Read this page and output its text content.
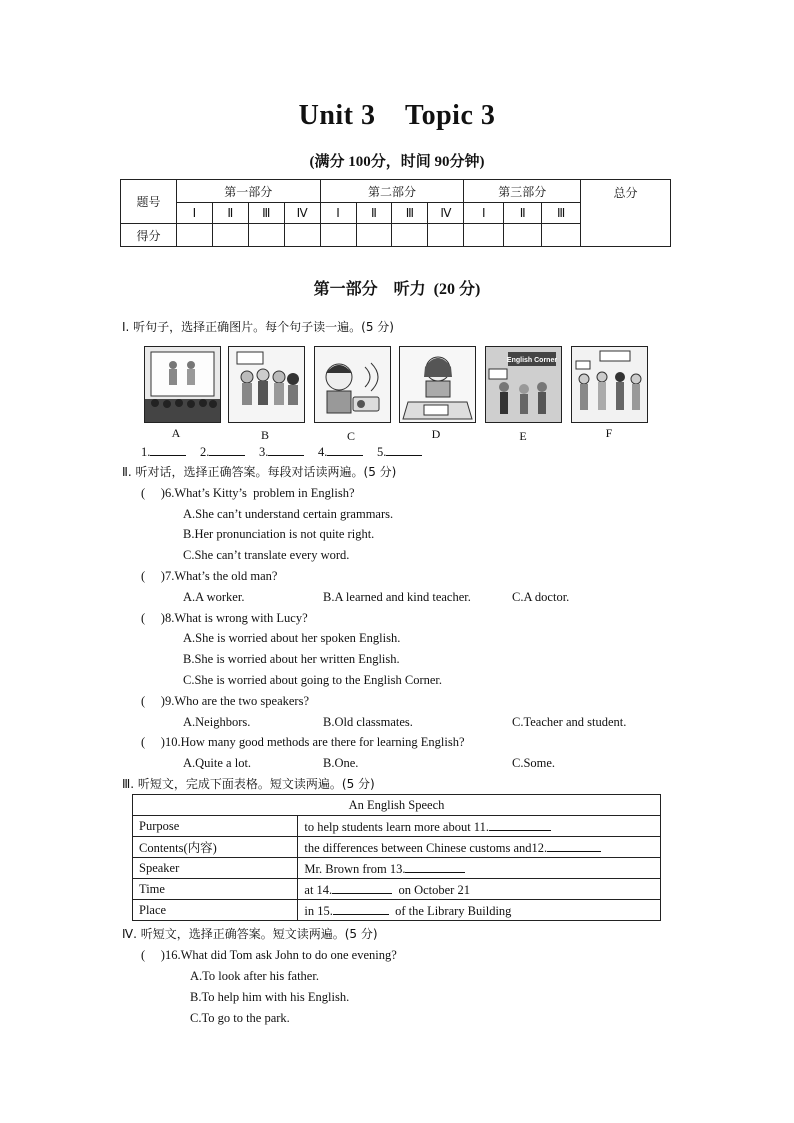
Unit 3    Topic 3
(满分 100分，时间 90分钟)
题号	第一部分				第二部分				第三部分			总分
	Ⅰ	Ⅱ	Ⅲ	Ⅳ	Ⅰ	Ⅱ	Ⅲ	Ⅳ	Ⅰ	Ⅱ	Ⅲ	
得分												
第一部分    听力  (20 分)
Ⅰ. 听句子，选择正确图片。每个句子读一遍。(5 分)
English Corner
A	B	C	D	E	F
1.	2.	3.	4.	5.
Ⅱ. 听对话，选择正确答案。每段对话读两遍。(5 分)
(     )6.What’s Kitty’s  problem in English?
A.She can’t understand certain grammars.
B.Her pronunciation is not quite right.
C.She can’t translate every word.
(     )7.What’s the old man?
A.A worker.	B.A learned and kind teacher.	C.A doctor.
(     )8.What is wrong with Lucy?
A.She is worried about her spoken English.
B.She is worried about her written English.
C.She is worried about going to the English Corner.
(     )9.Who are the two speakers?
A.Neighbors.	B.Old classmates.	C.Teacher and student.
(     )10.How many good methods are there for learning English?
A.Quite a lot.	B.One.	C.Some.
Ⅲ. 听短文，完成下面表格。短文读两遍。(5 分)
An English Speech	
Purpose	to help students learn more about 11.
Contents(内容)	the differences between Chinese customs and12.
Speaker	Mr. Brown from 13.
Time	at 14. on October 21
Place	in 15. of the Library Building
Ⅳ. 听短文，选择正确答案。短文读两遍。(5 分)
(     )16.What did Tom ask John to do one evening?
A.To look after his father.
B.To help him with his English.
C.To go to the park.
